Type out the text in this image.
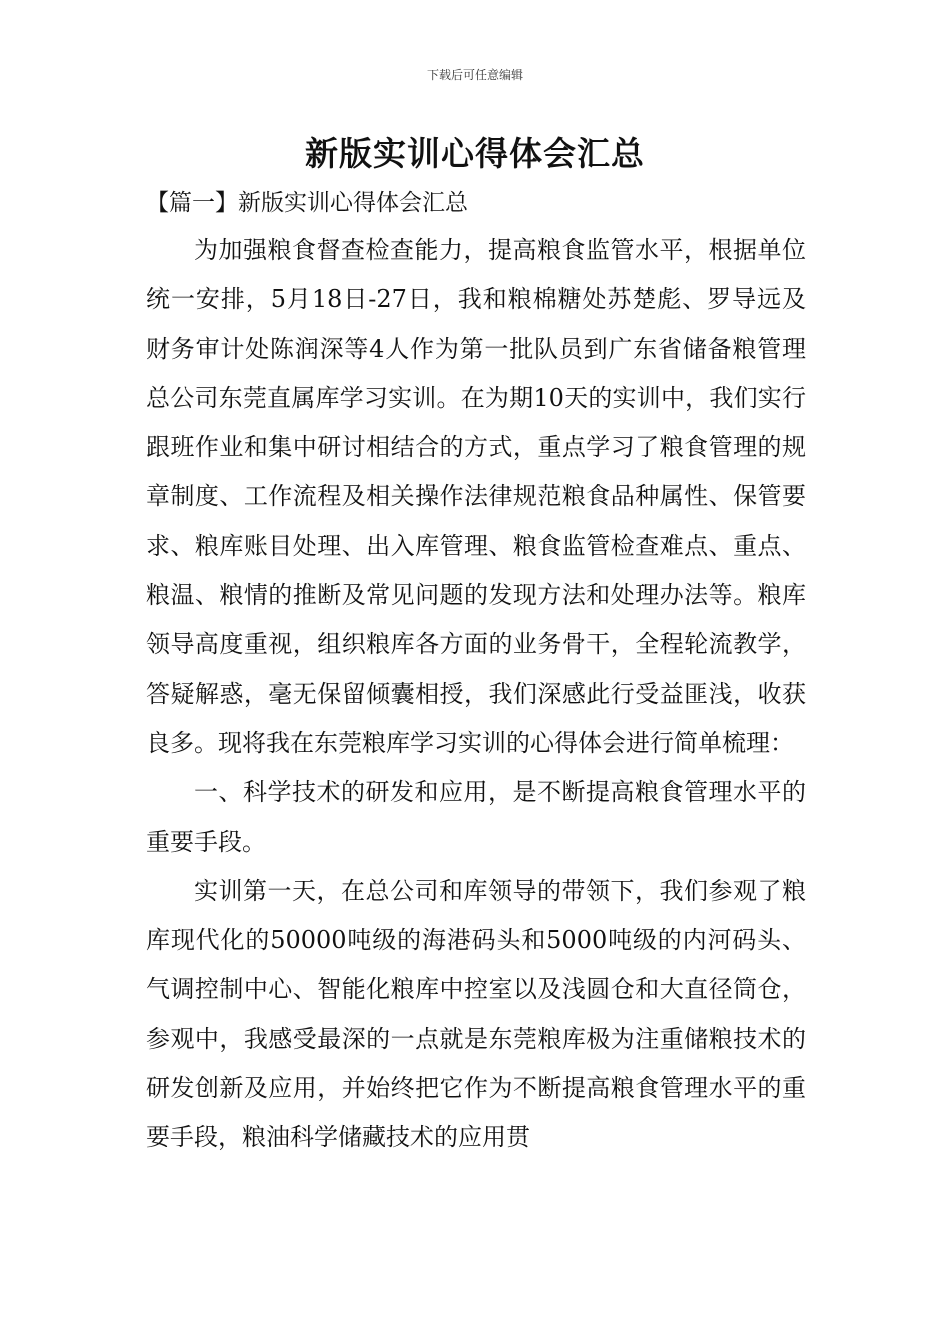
下载后可任意编辑
新版实训心得体会汇总
【篇一】新版实训心得体会汇总

为加强粮食督查检查能力，提高粮食监管水平，根据单位统一安排，5月18日-27日，我和粮棉糖处苏楚彪、罗导远及财务审计处陈润深等4人作为第一批队员到广东省储备粮管理总公司东莞直属库学习实训。在为期10天的实训中，我们实行跟班作业和集中研讨相结合的方式，重点学习了粮食管理的规章制度、工作流程及相关操作法律规范粮食品种属性、保管要求、粮库账目处理、出入库管理、粮食监管检查难点、重点、粮温、粮情的推断及常见问题的发现方法和处理办法等。粮库领导高度重视，组织粮库各方面的业务骨干，全程轮流教学，答疑解惑，毫无保留倾囊相授，我们深感此行受益匪浅，收获良多。现将我在东莞粮库学习实训的心得体会进行简单梳理：

一、科学技术的研发和应用，是不断提高粮食管理水平的重要手段。

实训第一天，在总公司和库领导的带领下，我们参观了粮库现代化的50000吨级的海港码头和5000吨级的内河码头、气调控制中心、智能化粮库中控室以及浅圆仓和大直径筒仓，参观中，我感受最深的一点就是东莞粮库极为注重储粮技术的研发创新及应用，并始终把它作为不断提高粮食管理水平的重要手段，粮油科学储藏技术的应用贯
